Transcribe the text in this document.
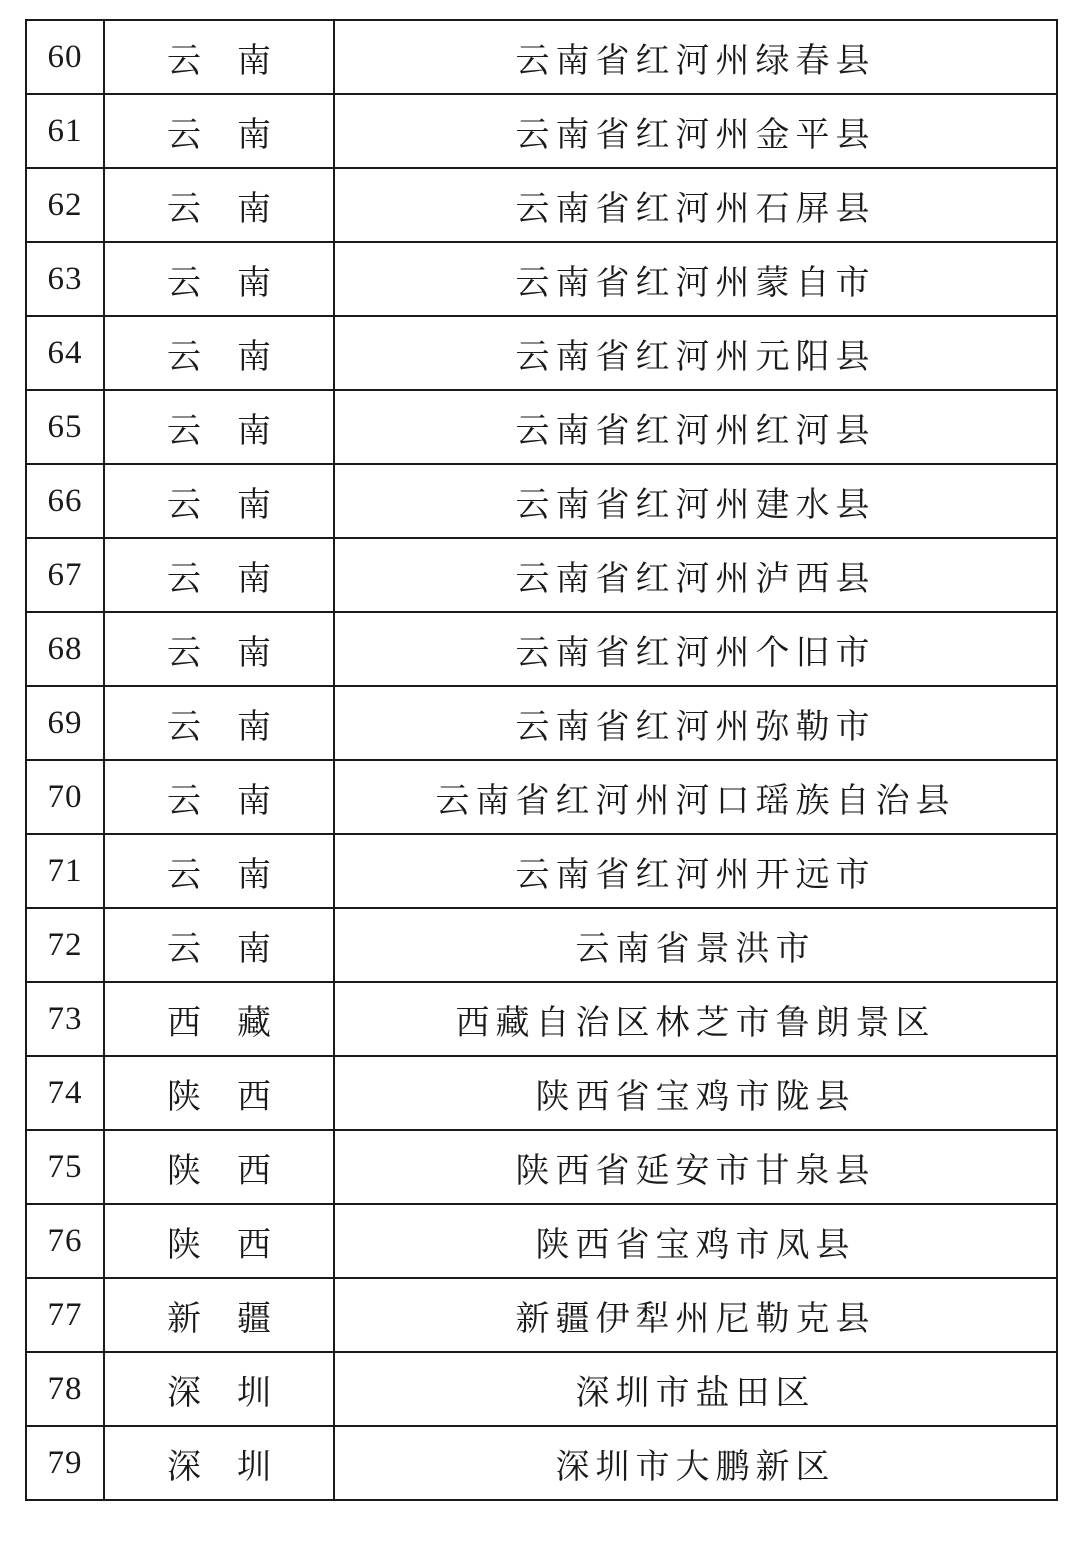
60	云南	云南省红河州绿春县
61	云南	云南省红河州金平县
62	云南	云南省红河州石屏县
63	云南	云南省红河州蒙自市
64	云南	云南省红河州元阳县
65	云南	云南省红河州红河县
66	云南	云南省红河州建水县
67	云南	云南省红河州泸西县
68	云南	云南省红河州个旧市
69	云南	云南省红河州弥勒市
70	云南	云南省红河州河口瑶族自治县
71	云南	云南省红河州开远市
72	云南	云南省景洪市
73	西藏	西藏自治区林芝市鲁朗景区
74	陕西	陕西省宝鸡市陇县
75	陕西	陕西省延安市甘泉县
76	陕西	陕西省宝鸡市凤县
77	新疆	新疆伊犁州尼勒克县
78	深圳	深圳市盐田区
79	深圳	深圳市大鹏新区
